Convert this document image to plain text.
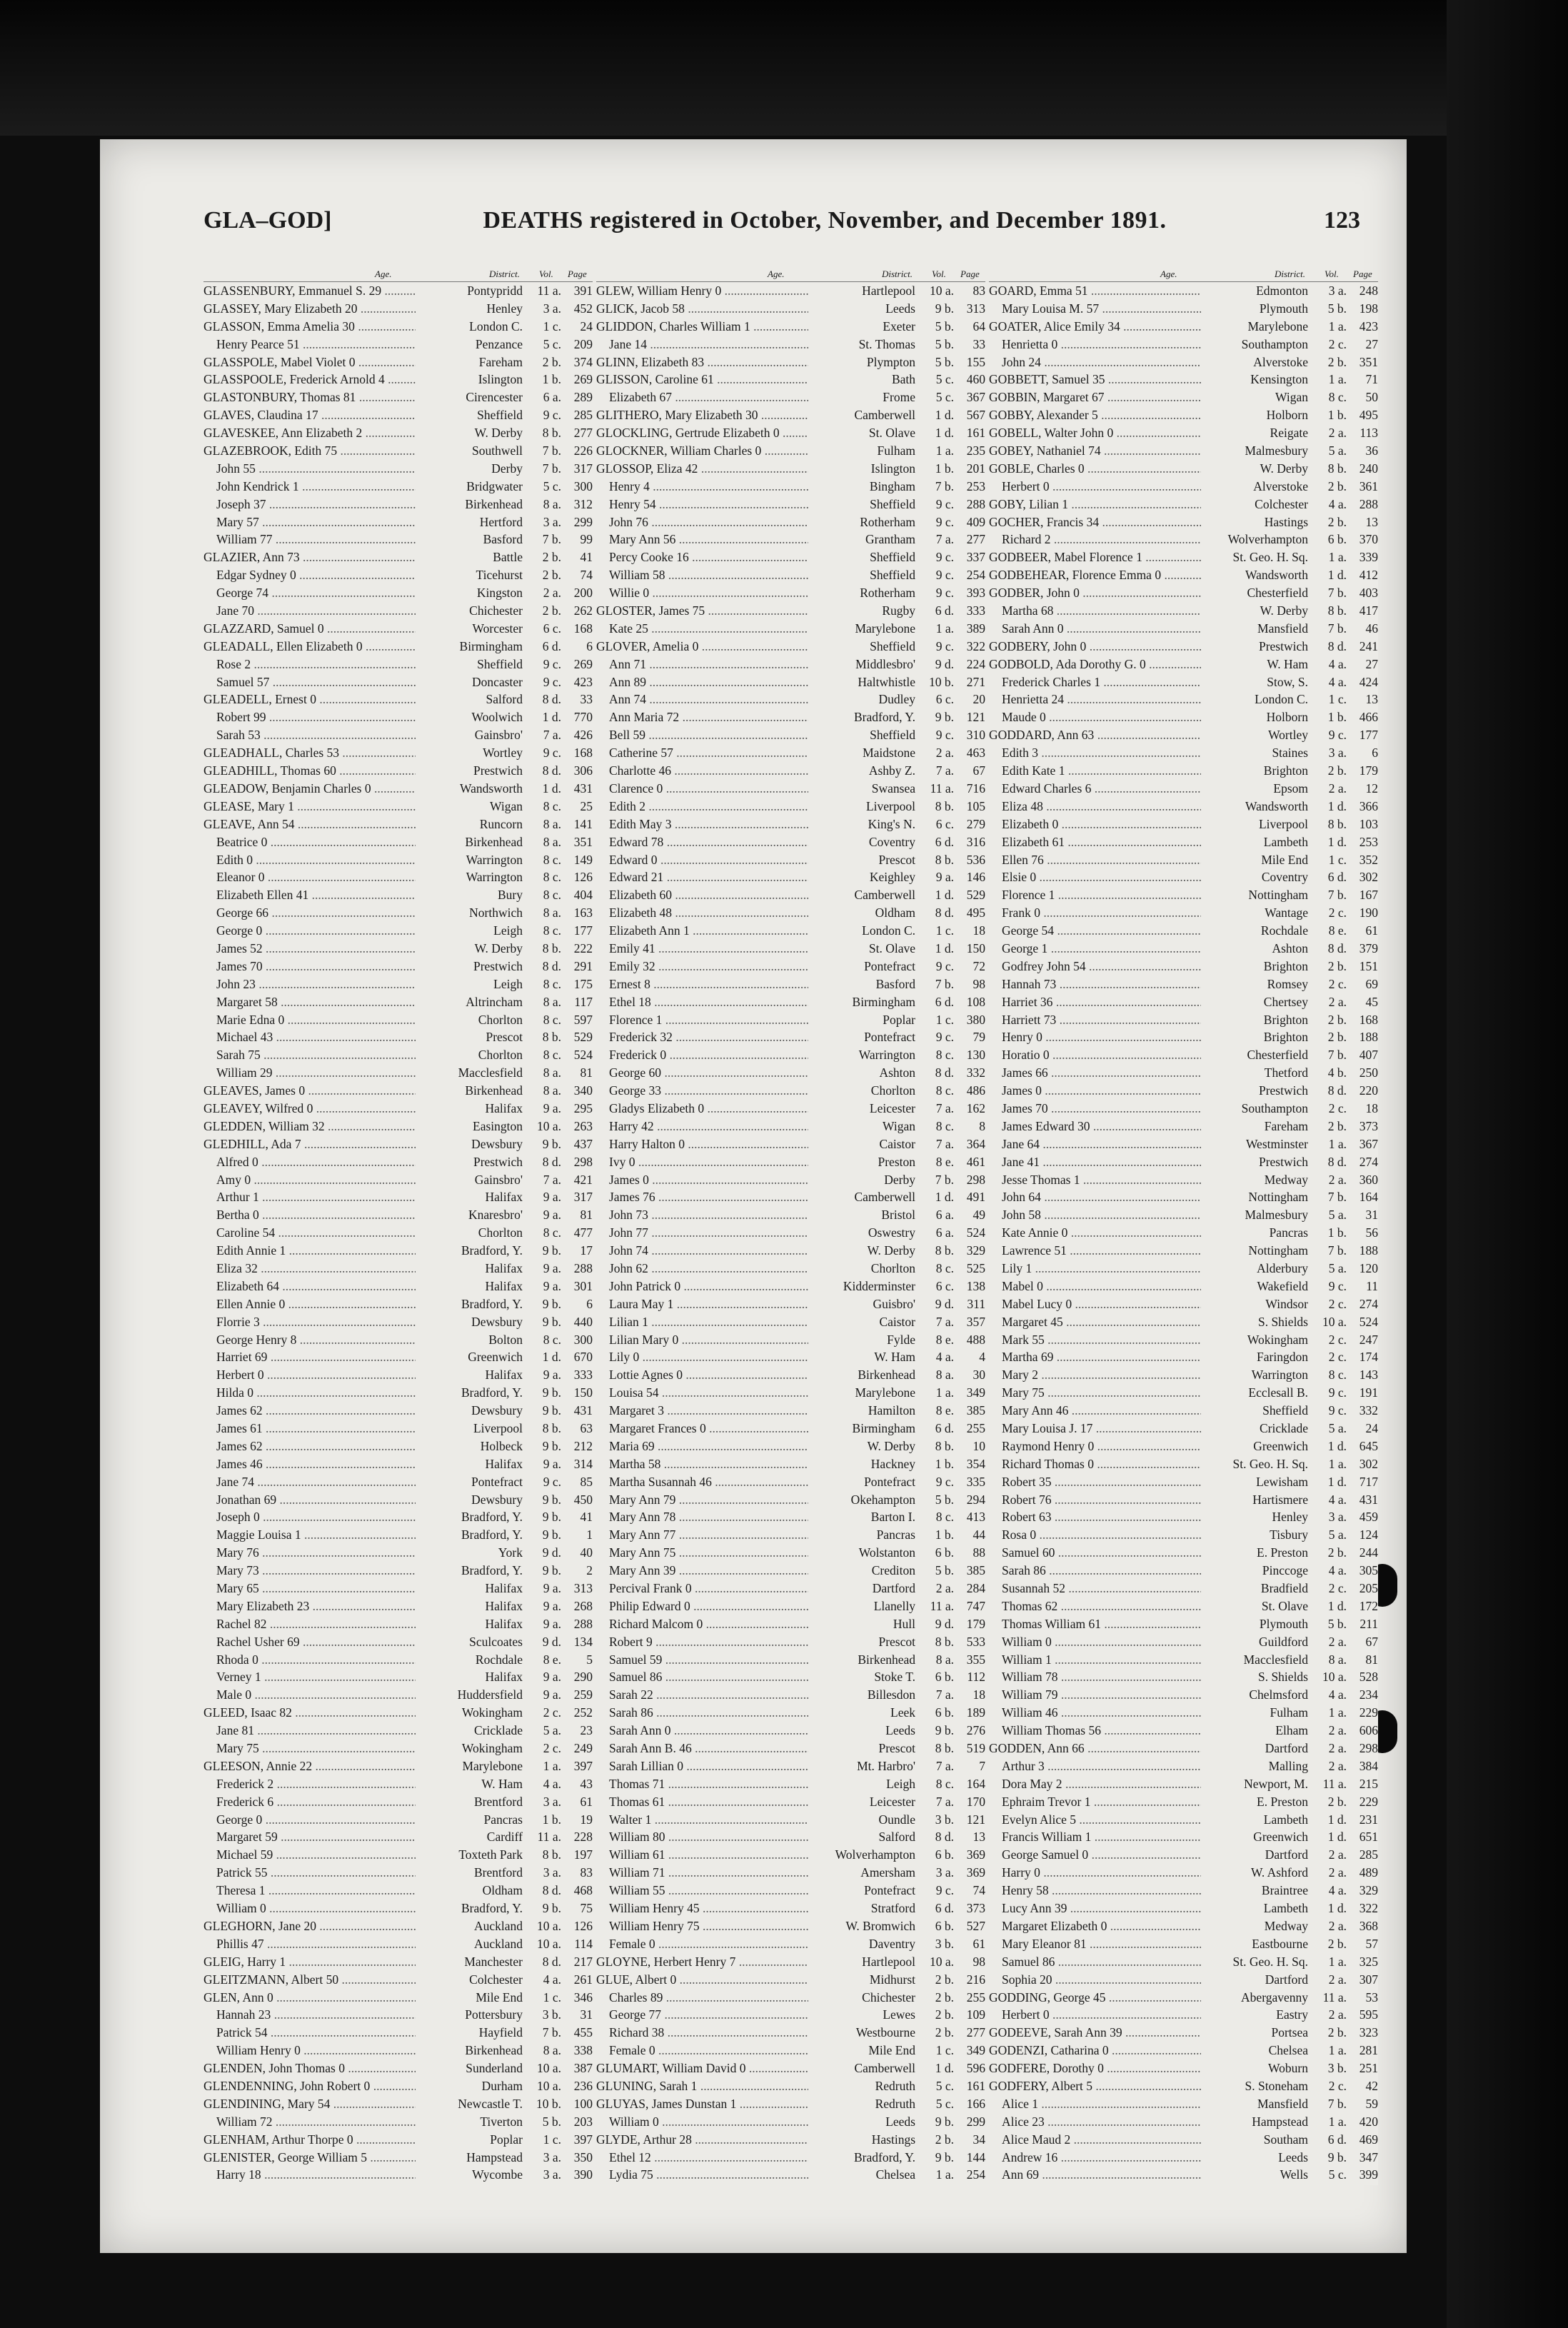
GLA–GOD]	DEATHS registered in October, November, and December 1891.	123
Age.	District. Vol. Page
GLASSENBURY, Emmanuel S. 29 .....	Pontypridd	11 a.	391
GLASSEY, Mary Elizabeth 20 .....	Henley	3 a.	452
GLASSON, Emma Amelia 30 .....	London C.	1 c.	24
Henry Pearce 51 .....	Penzance	5 c.	209
GLASSPOLE, Mabel Violet 0 .....	Fareham	2 b.	374
GLASSPOOLE, Frederick Arnold 4 .....	Islington	1 b.	269
GLASTONBURY, Thomas 81 .....	Cirencester	6 a.	289
GLAVES, Claudina 17 .....	Sheffield	9 c.	285
GLAVESKEE, Ann Elizabeth 2 .....	W. Derby	8 b.	277
GLAZEBROOK, Edith 75 .....	Southwell	7 b.	226
John 55 .....	Derby	7 b.	317
John Kendrick 1 .....	Bridgwater	5 c.	300
Joseph 37 .....	Birkenhead	8 a.	312
Mary 57 .....	Hertford	3 a.	299
William 77 .....	Basford	7 b.	99
GLAZIER, Ann 73 .....	Battle	2 b.	41
Edgar Sydney 0 .....	Ticehurst	2 b.	74
George 74 .....	Kingston	2 a.	200
Jane 70 .....	Chichester	2 b.	262
GLAZZARD, Samuel 0 .....	Worcester	6 c.	168
GLEADALL, Ellen Elizabeth 0 .....	Birmingham	6 d.	6
Rose 2 .....	Sheffield	9 c.	269
Samuel 57 .....	Doncaster	9 c.	423
GLEADELL, Ernest 0 .....	Salford	8 d.	33
Robert 99 .....	Woolwich	1 d.	770
Sarah 53 .....	Gainsbro'	7 a.	426
GLEADHALL, Charles 53 .....	Wortley	9 c.	168
GLEADHILL, Thomas 60 .....	Prestwich	8 d.	306
GLEADOW, Benjamin Charles 0 .....	Wandsworth	1 d.	431
GLEASE, Mary 1 .....	Wigan	8 c.	25
GLEAVE, Ann 54 .....	Runcorn	8 a.	141
Beatrice 0 .....	Birkenhead	8 a.	351
Edith 0 .....	Warrington	8 c.	149
Eleanor 0 .....	Warrington	8 c.	126
Elizabeth Ellen 41 .....	Bury	8 c.	404
George 66 .....	Northwich	8 a.	163
George 0 .....	Leigh	8 c.	177
James 52 .....	W. Derby	8 b.	222
James 70 .....	Prestwich	8 d.	291
John 23 .....	Leigh	8 c.	175
Margaret 58 .....	Altrincham	8 a.	117
Marie Edna 0 .....	Chorlton	8 c.	597
Michael 43 .....	Prescot	8 b.	529
Sarah 75 .....	Chorlton	8 c.	524
William 29 .....	Macclesfield	8 a.	81
GLEAVES, James 0 .....	Birkenhead	8 a.	340
GLEAVEY, Wilfred 0 .....	Halifax	9 a.	295
GLEDDEN, William 32 .....	Easington	10 a.	263
GLEDHILL, Ada 7 .....	Dewsbury	9 b.	437
Alfred 0 .....	Prestwich	8 d.	298
Amy 0 .....	Gainsbro'	7 a.	421
Arthur 1 .....	Halifax	9 a.	317
Bertha 0 .....	Knaresbro'	9 a.	81
Caroline 54 .....	Chorlton	8 c.	477
Edith Annie 1 .....	Bradford, Y.	9 b.	17
Eliza 32 .....	Halifax	9 a.	288
Elizabeth 64 .....	Halifax	9 a.	301
Ellen Annie 0 .....	Bradford, Y.	9 b.	6
Florrie 3 .....	Dewsbury	9 b.	440
George Henry 8 .....	Bolton	8 c.	300
Harriet 69 .....	Greenwich	1 d.	670
Herbert 0 .....	Halifax	9 a.	333
Hilda 0 .....	Bradford, Y.	9 b.	150
James 62 .....	Dewsbury	9 b.	431
James 61 .....	Liverpool	8 b.	63
James 62 .....	Holbeck	9 b.	212
James 46 .....	Halifax	9 a.	314
Jane 74 .....	Pontefract	9 c.	85
Jonathan 69 .....	Dewsbury	9 b.	450
Joseph 0 .....	Bradford, Y.	9 b.	41
Maggie Louisa 1 .....	Bradford, Y.	9 b.	1
Mary 76 .....	York	9 d.	40
Mary 73 .....	Bradford, Y.	9 b.	2
Mary 65 .....	Halifax	9 a.	313
Mary Elizabeth 23 .....	Halifax	9 a.	268
Rachel 82 .....	Halifax	9 a.	288
Rachel Usher 69 .....	Sculcoates	9 d.	134
Rhoda 0 .....	Rochdale	8 e.	5
Verney 1 .....	Halifax	9 a.	290
Male 0 .....	Huddersfield	9 a.	259
GLEED, Isaac 82 .....	Wokingham	2 c.	252
Jane 81 .....	Cricklade	5 a.	23
Mary 75 .....	Wokingham	2 c.	249
GLEESON, Annie 22 .....	Marylebone	1 a.	397
Frederick 2 .....	W. Ham	4 a.	43
Frederick 6 .....	Brentford	3 a.	61
George 0 .....	Pancras	1 b.	19
Margaret 59 .....	Cardiff	11 a.	228
Michael 59 .....	Toxteth Park	8 b.	197
Patrick 55 .....	Brentford	3 a.	83
Theresa 1 .....	Oldham	8 d.	468
William 0 .....	Bradford, Y.	9 b.	75
GLEGHORN, Jane 20 .....	Auckland	10 a.	126
Phillis 47 .....	Auckland	10 a.	114
GLEIG, Harry 1 .....	Manchester	8 d.	217
GLEITZMANN, Albert 50 .....	Colchester	4 a.	261
GLEN, Ann 0 .....	Mile End	1 c.	346
Hannah 23 .....	Pottersbury	3 b.	31
Patrick 54 .....	Hayfield	7 b.	455
William Henry 0 .....	Birkenhead	8 a.	338
GLENDEN, John Thomas 0 .....	Sunderland	10 a.	387
GLENDENNING, John Robert 0 .....	Durham	10 a.	236
GLENDINING, Mary 54 .....	Newcastle T.	10 b.	100
William 72 .....	Tiverton	5 b.	203
GLENHAM, Arthur Thorpe 0 .....	Poplar	1 c.	397
GLENISTER, George William 5 .....	Hampstead	3 a.	350
Harry 18 .....	Wycombe	3 a.	390
.....
Age.	District. Vol. Page
GLEW, William Henry 0 .....	Hartlepool	10 a.	83
GLICK, Jacob 58 .....	Leeds	9 b.	313
GLIDDON, Charles William 1 .....	Exeter	5 b.	64
Jane 14 .....	St. Thomas	5 b.	33
GLINN, Elizabeth 83 .....	Plympton	5 b.	155
GLISSON, Caroline 61 .....	Bath	5 c.	460
Elizabeth 67 .....	Frome	5 c.	367
GLITHERO, Mary Elizabeth 30 .....	Camberwell	1 d.	567
GLOCKLING, Gertrude Elizabeth 0 .....	St. Olave	1 d.	161
GLOCKNER, William Charles 0 .....	Fulham	1 a.	235
GLOSSOP, Eliza 42 .....	Islington	1 b.	201
Henry 4 .....	Bingham	7 b.	253
Henry 54 .....	Sheffield	9 c.	288
John 76 .....	Rotherham	9 c.	409
Mary Ann 56 .....	Grantham	7 a.	277
Percy Cooke 16 .....	Sheffield	9 c.	337
William 58 .....	Sheffield	9 c.	254
Willie 0 .....	Rotherham	9 c.	393
GLOSTER, James 75 .....	Rugby	6 d.	333
Kate 25 .....	Marylebone	1 a.	389
GLOVER, Amelia 0 .....	Sheffield	9 c.	322
Ann 71 .....	Middlesbro'	9 d.	224
Ann 89 .....	Haltwhistle	10 b.	271
Ann 74 .....	Dudley	6 c.	20
Ann Maria 72 .....	Bradford, Y.	9 b.	121
Bell 59 .....	Sheffield	9 c.	310
Catherine 57 .....	Maidstone	2 a.	463
Charlotte 46 .....	Ashby Z.	7 a.	67
Clarence 0 .....	Swansea	11 a.	716
Edith 2 .....	Liverpool	8 b.	105
Edith May 3 .....	King's N.	6 c.	279
Edward 78 .....	Coventry	6 d.	316
Edward 0 .....	Prescot	8 b.	536
Edward 21 .....	Keighley	9 a.	146
Elizabeth 60 .....	Camberwell	1 d.	529
Elizabeth 48 .....	Oldham	8 d.	495
Elizabeth Ann 1 .....	London C.	1 c.	18
Emily 41 .....	St. Olave	1 d.	150
Emily 32 .....	Pontefract	9 c.	72
Ernest 8 .....	Basford	7 b.	98
Ethel 18 .....	Birmingham	6 d.	108
Florence 1 .....	Poplar	1 c.	380
Frederick 32 .....	Pontefract	9 c.	79
Frederick 0 .....	Warrington	8 c.	130
George 60 .....	Ashton	8 d.	332
George 33 .....	Chorlton	8 c.	486
Gladys Elizabeth 0 .....	Leicester	7 a.	162
Harry 42 .....	Wigan	8 c.	8
Harry Halton 0 .....	Caistor	7 a.	364
Ivy 0 .....	Preston	8 e.	461
James 0 .....	Derby	7 b.	298
James 76 .....	Camberwell	1 d.	491
John 73 .....	Bristol	6 a.	49
John 77 .....	Oswestry	6 a.	524
John 74 .....	W. Derby	8 b.	329
John 62 .....	Chorlton	8 c.	525
John Patrick 0 .....	Kidderminster	6 c.	138
Laura May 1 .....	Guisbro'	9 d.	311
Lilian 1 .....	Caistor	7 a.	357
Lilian Mary 0 .....	Fylde	8 e.	488
Lily 0 .....	W. Ham	4 a.	4
Lottie Agnes 0 .....	Birkenhead	8 a.	30
Louisa 54 .....	Marylebone	1 a.	349
Margaret 3 .....	Hamilton	8 e.	385
Margaret Frances 0 .....	Birmingham	6 d.	255
Maria 69 .....	W. Derby	8 b.	10
Martha 58 .....	Hackney	1 b.	354
Martha Susannah 46 .....	Pontefract	9 c.	335
Mary Ann 79 .....	Okehampton	5 b.	294
Mary Ann 78 .....	Barton I.	8 c.	413
Mary Ann 77 .....	Pancras	1 b.	44
Mary Ann 75 .....	Wolstanton	6 b.	88
Mary Ann 39 .....	Crediton	5 b.	385
Percival Frank 0 .....	Dartford	2 a.	284
Philip Edward 0 .....	Llanelly	11 a.	747
Richard Malcom 0 .....	Hull	9 d.	179
Robert 9 .....	Prescot	8 b.	533
Samuel 59 .....	Birkenhead	8 a.	355
Samuel 86 .....	Stoke T.	6 b.	112
Sarah 22 .....	Billesdon	7 a.	18
Sarah 86 .....	Leek	6 b.	189
Sarah Ann 0 .....	Leeds	9 b.	276
Sarah Ann B. 46 .....	Prescot	8 b.	519
Sarah Lillian 0 .....	Mt. Harbro'	7 a.	7
Thomas 71 .....	Leigh	8 c.	164
Thomas 61 .....	Leicester	7 a.	170
Walter 1 .....	Oundle	3 b.	121
William 80 .....	Salford	8 d.	13
William 61 .....	Wolverhampton	6 b.	369
William 71 .....	Amersham	3 a.	369
William 55 .....	Pontefract	9 c.	74
William Henry 45 .....	Stratford	6 d.	373
William Henry 75 .....	W. Bromwich	6 b.	527
Female 0 .....	Daventry	3 b.	61
GLOYNE, Herbert Henry 7 .....	Hartlepool	10 a.	98
GLUE, Albert 0 .....	Midhurst	2 b.	216
Charles 89 .....	Chichester	2 b.	255
George 77 .....	Lewes	2 b.	109
Richard 38 .....	Westbourne	2 b.	277
Female 0 .....	Mile End	1 c.	349
GLUMART, William David 0 .....	Camberwell	1 d.	596
GLUNING, Sarah 1 .....	Redruth	5 c.	161
GLUYAS, James Dunstan 1 .....	Redruth	5 c.	166
William 0 .....	Leeds	9 b.	299
GLYDE, Arthur 28 .....	Hastings	2 b.	34
Ethel 12 .....	Bradford, Y.	9 b.	144
Lydia 75 .....	Chelsea	1 a.	254
.....
Age.	District. Vol. Page
GOARD, Emma 51 .....	Edmonton	3 a.	248
Mary Louisa M. 57 .....	Plymouth	5 b.	198
GOATER, Alice Emily 34 .....	Marylebone	1 a.	423
Henrietta 0 .....	Southampton	2 c.	27
John 24 .....	Alverstoke	2 b.	351
GOBBETT, Samuel 35 .....	Kensington	1 a.	71
GOBBIN, Margaret 67 .....	Wigan	8 c.	50
GOBBY, Alexander 5 .....	Holborn	1 b.	495
GOBELL, Walter John 0 .....	Reigate	2 a.	113
GOBEY, Nathaniel 74 .....	Malmesbury	5 a.	36
GOBLE, Charles 0 .....	W. Derby	8 b.	240
Herbert 0 .....	Alverstoke	2 b.	361
GOBY, Lilian 1 .....	Colchester	4 a.	288
GOCHER, Francis 34 .....	Hastings	2 b.	13
Richard 2 .....	Wolverhampton	6 b.	370
GODBEER, Mabel Florence 1 .....	St. Geo. H. Sq.	1 a.	339
GODBEHEAR, Florence Emma 0 .....	Wandsworth	1 d.	412
GODBER, John 0 .....	Chesterfield	7 b.	403
Martha 68 .....	W. Derby	8 b.	417
Sarah Ann 0 .....	Mansfield	7 b.	46
GODBERY, John 0 .....	Prestwich	8 d.	241
GODBOLD, Ada Dorothy G. 0 .....	W. Ham	4 a.	27
Frederick Charles 1 .....	Stow, S.	4 a.	424
Henrietta 24 .....	London C.	1 c.	13
Maude 0 .....	Holborn	1 b.	466
GODDARD, Ann 63 .....	Wortley	9 c.	177
Edith 3 .....	Staines	3 a.	6
Edith Kate 1 .....	Brighton	2 b.	179
Edward Charles 6 .....	Epsom	2 a.	12
Eliza 48 .....	Wandsworth	1 d.	366
Elizabeth 0 .....	Liverpool	8 b.	103
Elizabeth 61 .....	Lambeth	1 d.	253
Ellen 76 .....	Mile End	1 c.	352
Elsie 0 .....	Coventry	6 d.	302
Florence 1 .....	Nottingham	7 b.	167
Frank 0 .....	Wantage	2 c.	190
George 54 .....	Rochdale	8 e.	61
George 1 .....	Ashton	8 d.	379
Godfrey John 54 .....	Brighton	2 b.	151
Hannah 73 .....	Romsey	2 c.	69
Harriet 36 .....	Chertsey	2 a.	45
Harriett 73 .....	Brighton	2 b.	168
Henry 0 .....	Brighton	2 b.	188
Horatio 0 .....	Chesterfield	7 b.	407
James 66 .....	Thetford	4 b.	250
James 0 .....	Prestwich	8 d.	220
James 70 .....	Southampton	2 c.	18
James Edward 30 .....	Fareham	2 b.	373
Jane 64 .....	Westminster	1 a.	367
Jane 41 .....	Prestwich	8 d.	274
Jesse Thomas 1 .....	Medway	2 a.	360
John 64 .....	Nottingham	7 b.	164
John 58 .....	Malmesbury	5 a.	31
Kate Annie 0 .....	Pancras	1 b.	56
Lawrence 51 .....	Nottingham	7 b.	188
Lily 1 .....	Alderbury	5 a.	120
Mabel 0 .....	Wakefield	9 c.	11
Mabel Lucy 0 .....	Windsor	2 c.	274
Margaret 45 .....	S. Shields	10 a.	524
Mark 55 .....	Wokingham	2 c.	247
Martha 69 .....	Faringdon	2 c.	174
Mary 2 .....	Warrington	8 c.	143
Mary 75 .....	Ecclesall B.	9 c.	191
Mary Ann 46 .....	Sheffield	9 c.	332
Mary Louisa J. 17 .....	Cricklade	5 a.	24
Raymond Henry 0 .....	Greenwich	1 d.	645
Richard Thomas 0 .....	St. Geo. H. Sq.	1 a.	302
Robert 35 .....	Lewisham	1 d.	717
Robert 76 .....	Hartismere	4 a.	431
Robert 63 .....	Henley	3 a.	459
Rosa 0 .....	Tisbury	5 a.	124
Samuel 60 .....	E. Preston	2 b.	244
Sarah 86 .....	Pinccoge	4 a.	305
Susannah 52 .....	Bradfield	2 c.	205
Thomas 62 .....	St. Olave	1 d.	172
Thomas William 61 .....	Plymouth	5 b.	211
William 0 .....	Guildford	2 a.	67
William 1 .....	Macclesfield	8 a.	81
William 78 .....	S. Shields	10 a.	528
William 79 .....	Chelmsford	4 a.	234
William 46 .....	Fulham	1 a.	229
William Thomas 56 .....	Elham	2 a.	606
GODDEN, Ann 66 .....	Dartford	2 a.	298
Arthur 3 .....	Malling	2 a.	384
Dora May 2 .....	Newport, M.	11 a.	215
Ephraim Trevor 1 .....	E. Preston	2 b.	229
Evelyn Alice 5 .....	Lambeth	1 d.	231
Francis William 1 .....	Greenwich	1 d.	651
George Samuel 0 .....	Dartford	2 a.	285
Harry 0 .....	W. Ashford	2 a.	489
Henry 58 .....	Braintree	4 a.	329
Lucy Ann 39 .....	Lambeth	1 d.	322
Margaret Elizabeth 0 .....	Medway	2 a.	368
Mary Eleanor 81 .....	Eastbourne	2 b.	57
Samuel 86 .....	St. Geo. H. Sq.	1 a.	325
Sophia 20 .....	Dartford	2 a.	307
GODDING, George 45 .....	Abergavenny	11 a.	53
Herbert 0 .....	Eastry	2 a.	595
GODEEVE, Sarah Ann 39 .....	Portsea	2 b.	323
GODENZI, Catharina 0 .....	Chelsea	1 a.	281
GODFERE, Dorothy 0 .....	Woburn	3 b.	251
GODFERY, Albert 5 .....	S. Stoneham	2 c.	42
Alice 1 .....	Mansfield	7 b.	59
Alice 23 .....	Hampstead	1 a.	420
Alice Maud 2 .....	Southam	6 d.	469
Andrew 16 .....	Leeds	9 b.	347
Ann 69 .....	Wells	5 c.	399
.....
